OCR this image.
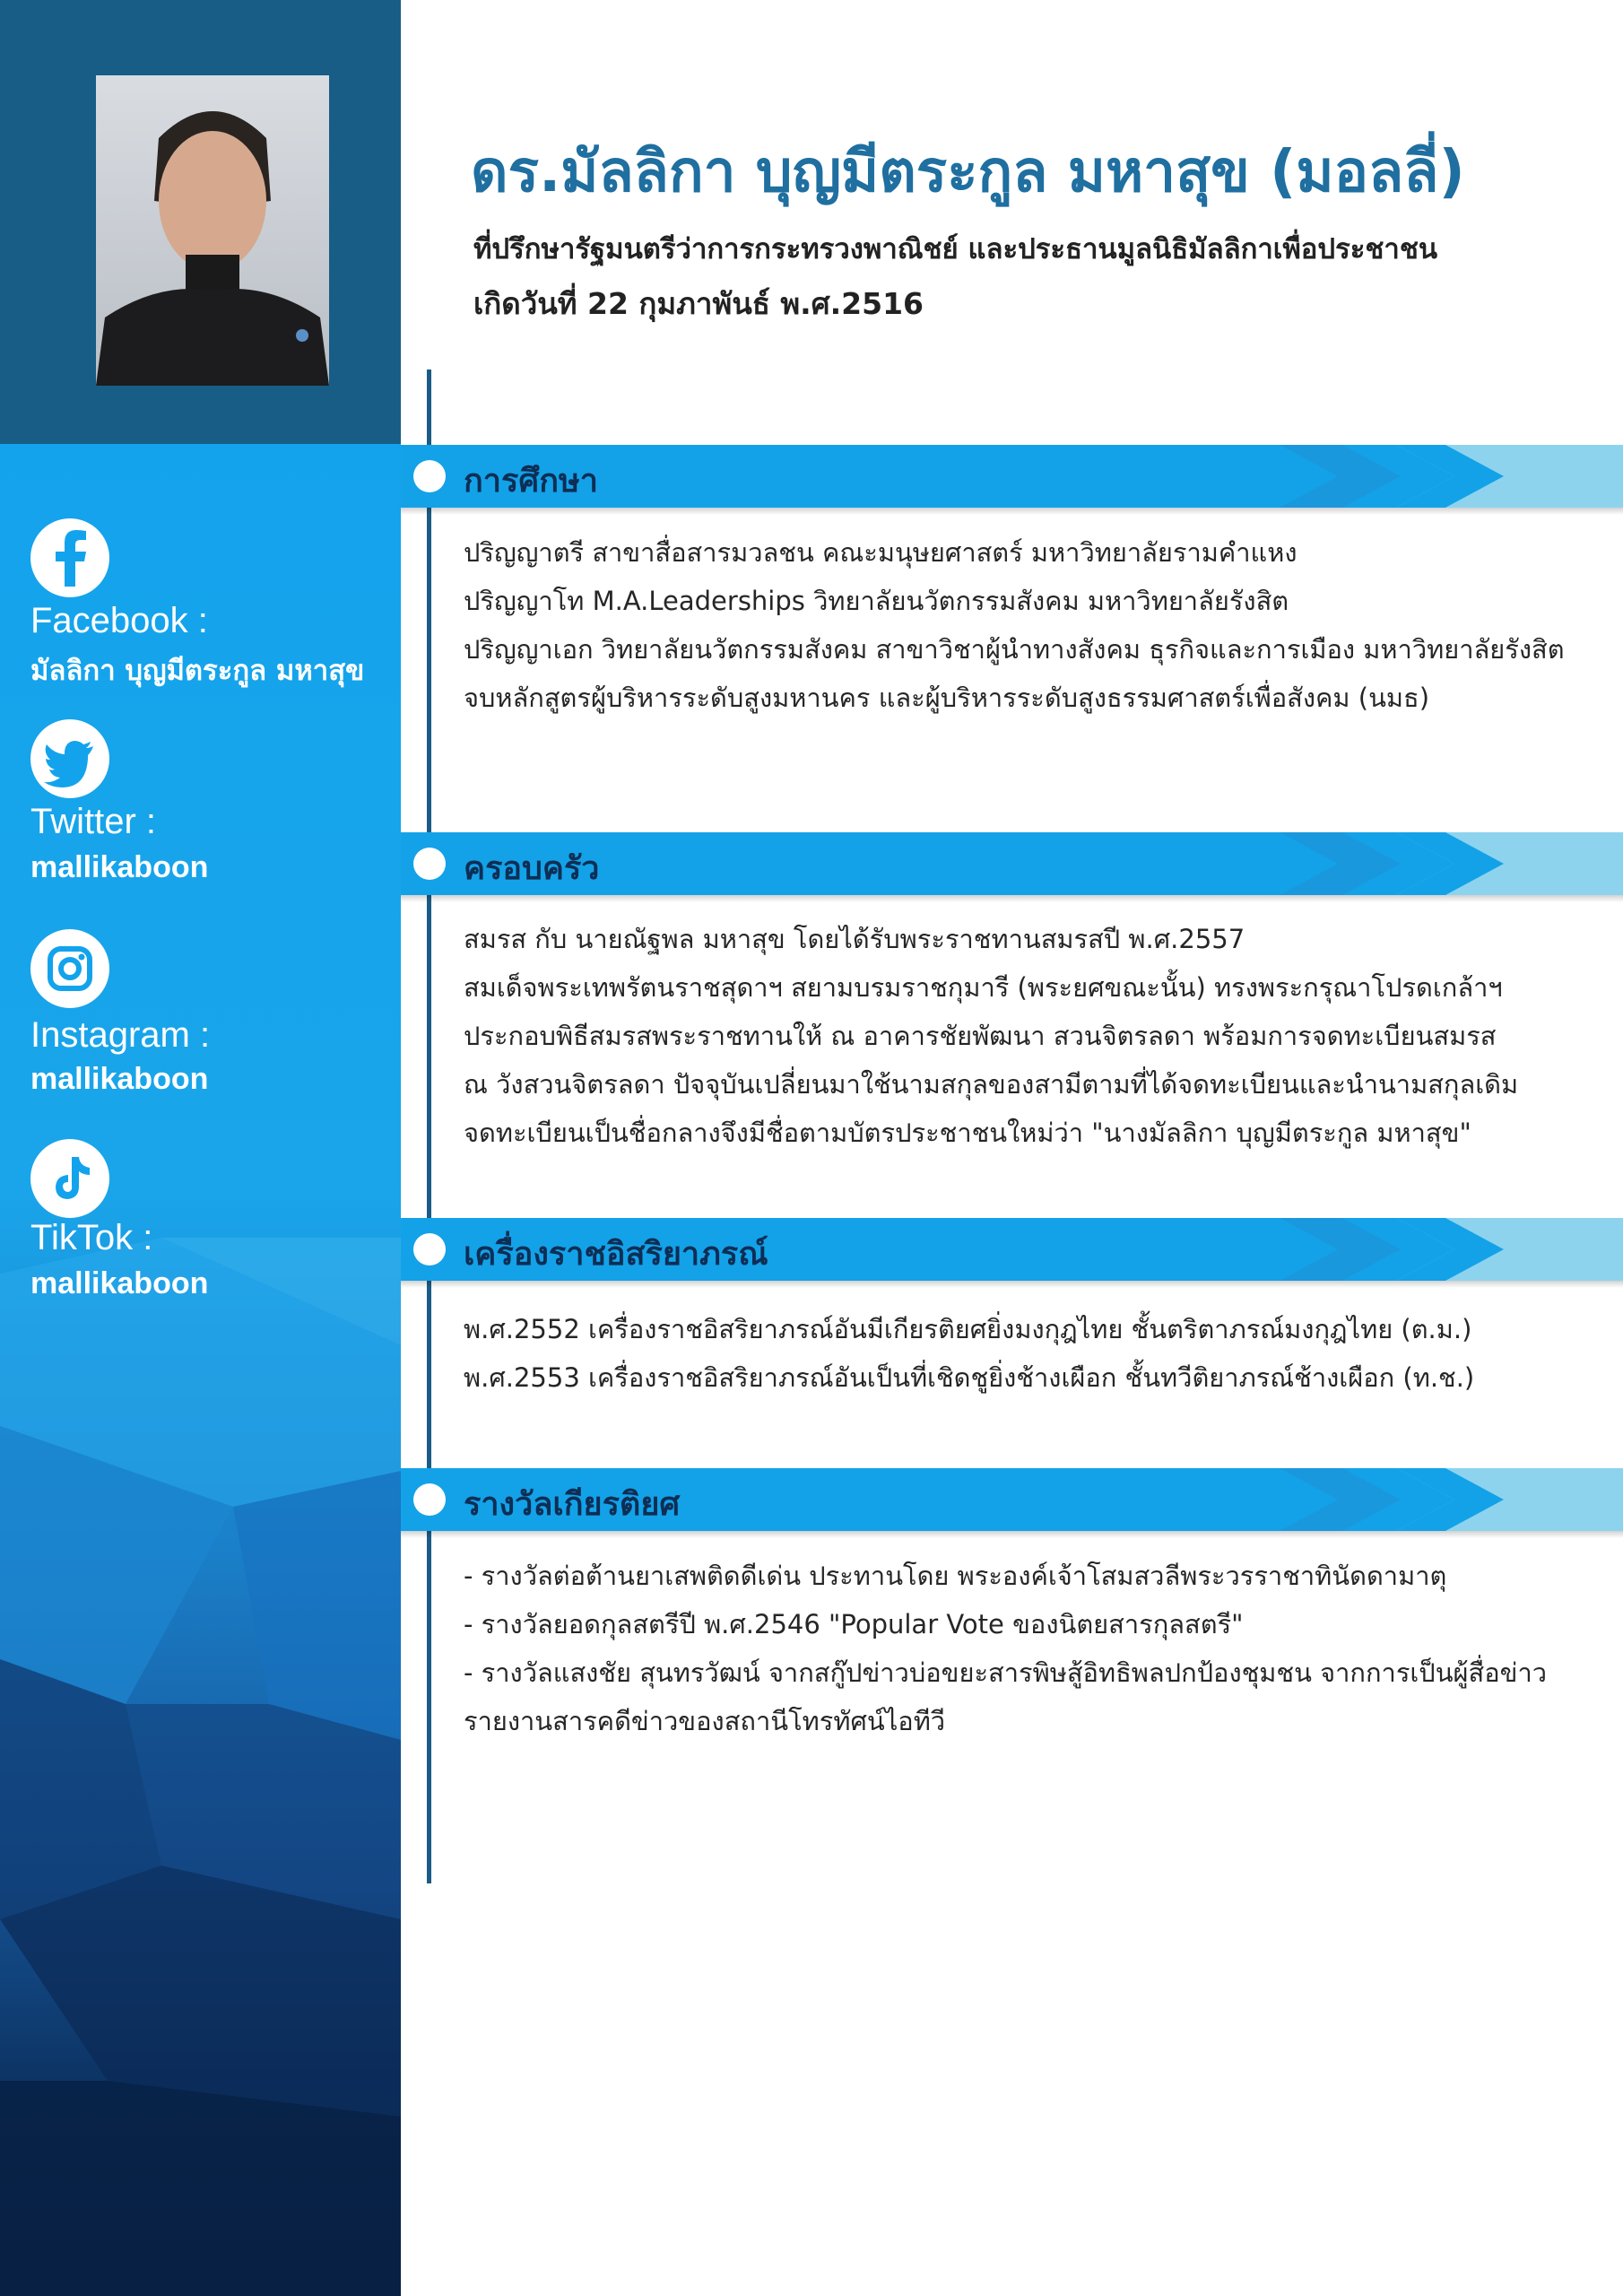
Facebook :
มัลลิกา บุญมีตระกูล มหาสุข
Twitter :
mallikaboon
Instagram :
mallikaboon
TikTok :
mallikaboon
ดร.มัลลิกา บุญมีตระกูล มหาสุข (มอลลี่)
ที่ปรึกษารัฐมนตรีว่าการกระทรวงพาณิชย์ และประธานมูลนิธิมัลลิกาเพื่อประชาชน
เกิดวันที่ 22 กุมภาพันธ์ พ.ศ.2516
การศึกษา
ปริญญาตรี สาขาสื่อสารมวลชน คณะมนุษยศาสตร์ มหาวิทยาลัยรามคำแหง
ปริญญาโท M.A.Leaderships วิทยาลัยนวัตกรรมสังคม มหาวิทยาลัยรังสิต
ปริญญาเอก วิทยาลัยนวัตกรรมสังคม สาขาวิชาผู้นำทางสังคม ธุรกิจและการเมือง มหาวิทยาลัยรังสิต
จบหลักสูตรผู้บริหารระดับสูงมหานคร และผู้บริหารระดับสูงธรรมศาสตร์เพื่อสังคม (นมธ)
ครอบครัว
สมรส กับ นายณัฐพล มหาสุข โดยได้รับพระราชทานสมรสปี พ.ศ.2557
สมเด็จพระเทพรัตนราชสุดาฯ สยามบรมราชกุมารี (พระยศขณะนั้น) ทรงพระกรุณาโปรดเกล้าฯ
ประกอบพิธีสมรสพระราชทานให้ ณ อาคารชัยพัฒนา สวนจิตรลดา พร้อมการจดทะเบียนสมรส
ณ วังสวนจิตรลดา ปัจจุบันเปลี่ยนมาใช้นามสกุลของสามีตามที่ได้จดทะเบียนและนำนามสกุลเดิม
จดทะเบียนเป็นชื่อกลางจึงมีชื่อตามบัตรประชาชนใหม่ว่า "นางมัลลิกา บุญมีตระกูล มหาสุข"
เครื่องราชอิสริยาภรณ์
พ.ศ.2552 เครื่องราชอิสริยาภรณ์อันมีเกียรติยศยิ่งมงกุฎไทย ชั้นตริตาภรณ์มงกุฎไทย (ต.ม.)
พ.ศ.2553 เครื่องราชอิสริยาภรณ์อันเป็นที่เชิดชูยิ่งช้างเผือก ชั้นทวีติยาภรณ์ช้างเผือก (ท.ช.)
รางวัลเกียรติยศ
- รางวัลต่อต้านยาเสพติดดีเด่น ประทานโดย พระองค์เจ้าโสมสวลีพระวรราชาทินัดดามาตุ
- รางวัลยอดกุลสตรีปี พ.ศ.2546 "Popular Vote ของนิตยสารกุลสตรี"
- รางวัลแสงชัย สุนทรวัฒน์ จากสกู๊ปข่าวบ่อขยะสารพิษสู้อิทธิพลปกป้องชุมชน จากการเป็นผู้สื่อข่าว
รายงานสารคดีข่าวของสถานีโทรทัศน์ไอทีวี
